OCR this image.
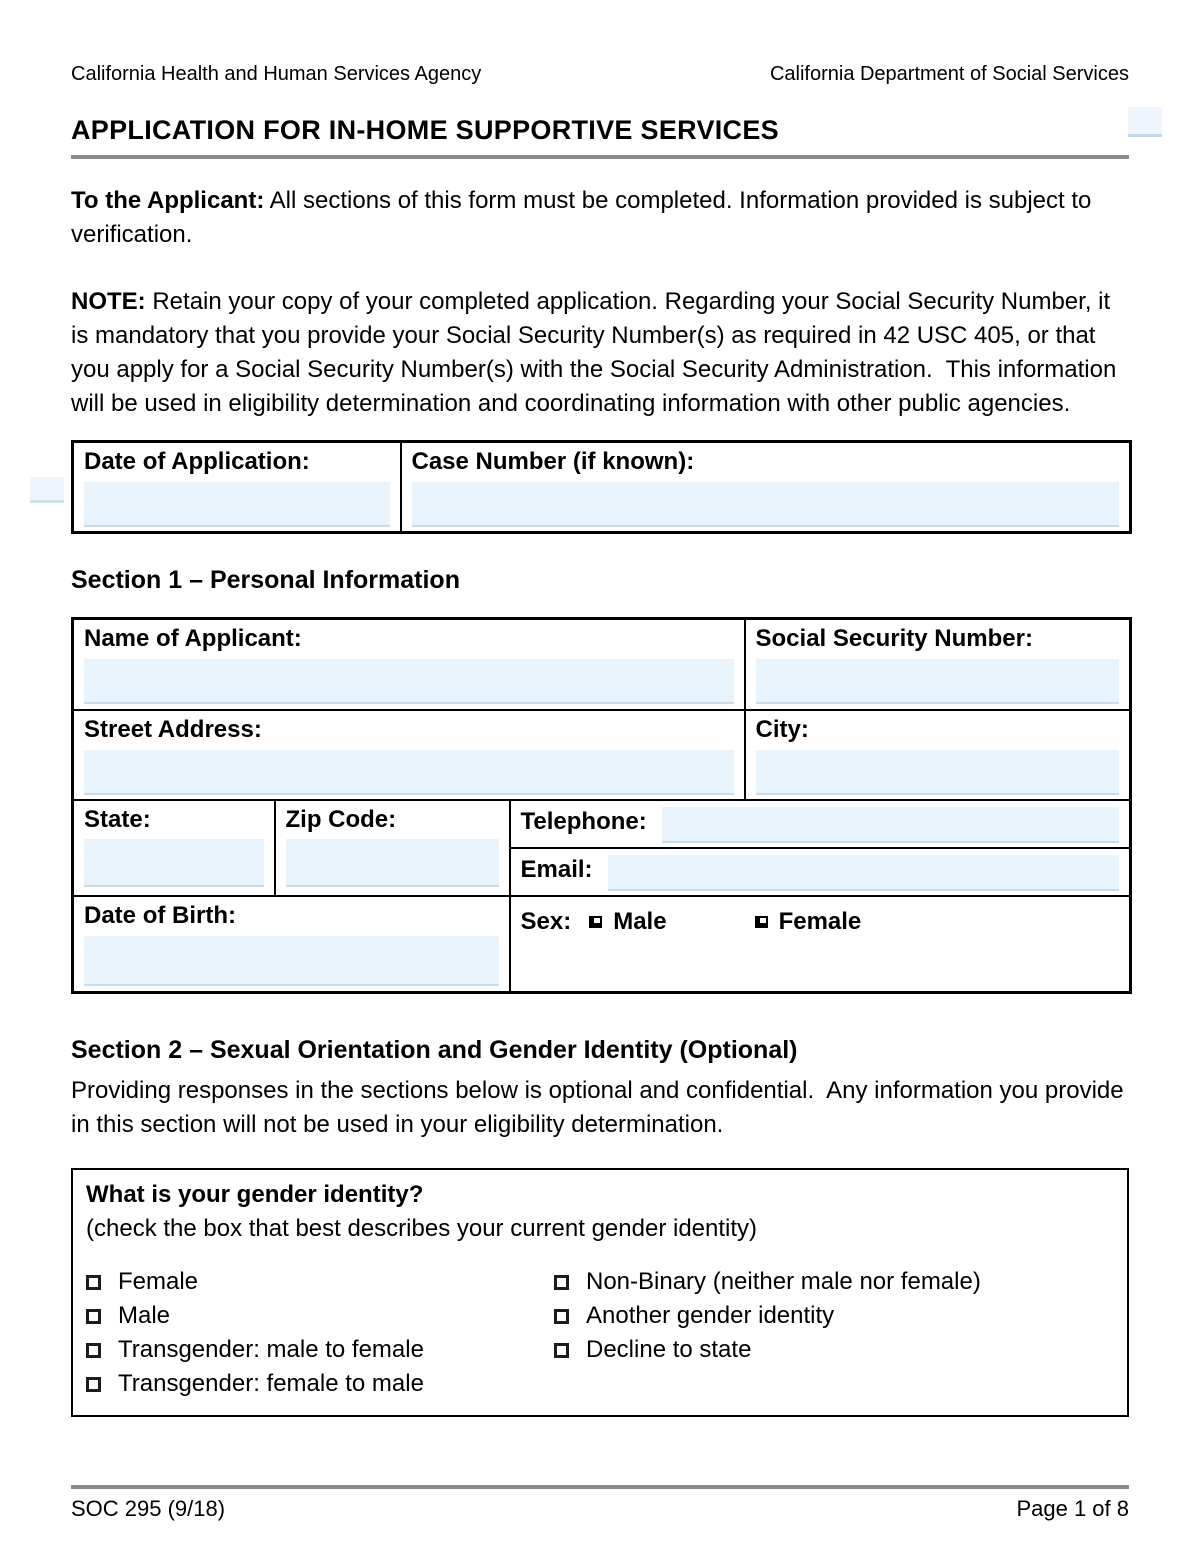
California Health and Human Services Agency	California Department of Social Services
APPLICATION FOR IN-HOME SUPPORTIVE SERVICES

To the Applicant: All sections of this form must be completed. Information provided is subject to verification.

NOTE: Retain your copy of your completed application. Regarding your Social Security Number, it is mandatory that you provide your Social Security Number(s) as required in 42 USC 405, or that you apply for a Social Security Number(s) with the Social Security Administration.  This information will be used in eligibility determination and coordinating information with other public agencies.

Date of Application:	Case Number (if known):
Section 1 – Personal Information
Name of Applicant:			Social Security Number:

Street Address:			City:

State:	Zip Code:	Telephone:	

		Email:	

Date of Birth:		Sex: Male Female	
Section 2 – Sexual Orientation and Gender Identity (Optional)

Providing responses in the sections below is optional and confidential.  Any information you provide in this section will not be used in your eligibility determination.

What is your gender identity?
(check the box that best describes your current gender identity)
Female
Male
Transgender: male to female
Transgender: female to male
Non-Binary (neither male nor female)
Another gender identity
Decline to state
SOC 295 (9/18)	Page 1 of 8
